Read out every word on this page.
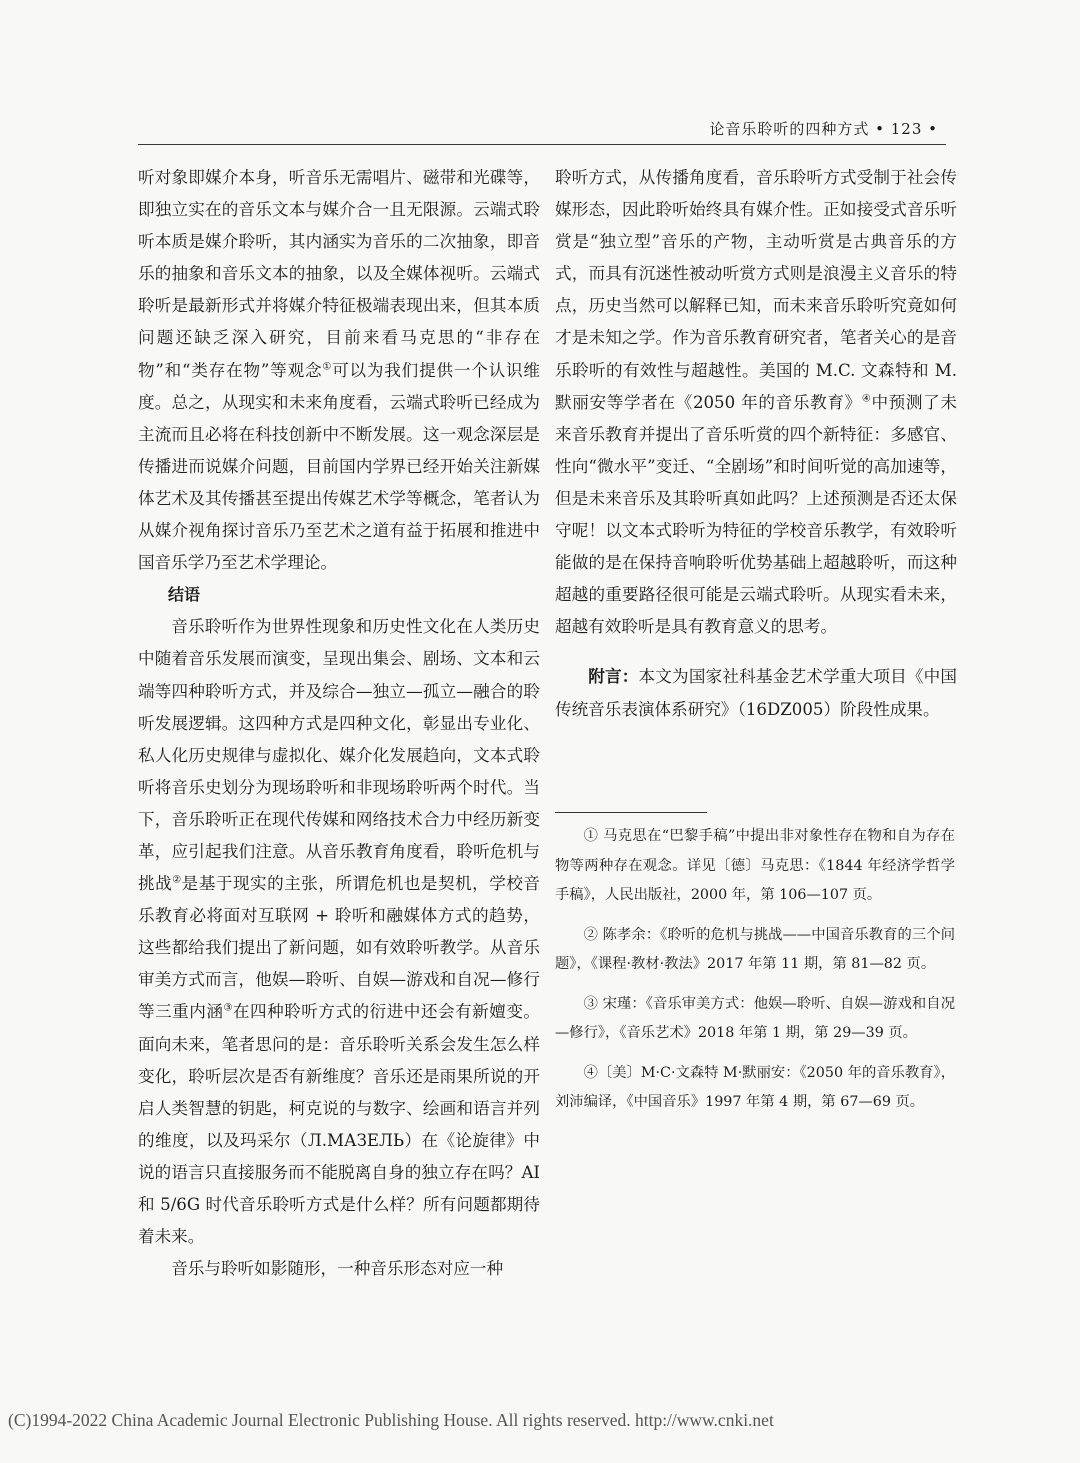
论音乐聆听的四种方式 • 123 •

听对象即媒介本身，听音乐无需唱片、磁带和光碟等，即独立实在的音乐文本与媒介合一且无限源。云端式聆听本质是媒介聆听，其内涵实为音乐的二次抽象，即音乐的抽象和音乐文本的抽象，以及全媒体视听。云端式聆听是最新形式并将媒介特征极端表现出来，但其本质问题还缺乏深入研究，目前来看马克思的“非存在物”和“类存在物”等观念①可以为我们提供一个认识维度。总之，从现实和未来角度看，云端式聆听已经成为主流而且必将在科技创新中不断发展。这一观念深层是传播进而说媒介问题，目前国内学界已经开始关注新媒体艺术及其传播甚至提出传媒艺术学等概念，笔者认为从媒介视角探讨音乐乃至艺术之道有益于拓展和推进中国音乐学乃至艺术学理论。

结语

音乐聆听作为世界性现象和历史性文化在人类历史中随着音乐发展而演变，呈现出集会、剧场、文本和云端等四种聆听方式，并及综合—独立—孤立—融合的聆听发展逻辑。这四种方式是四种文化，彰显出专业化、私人化历史规律与虚拟化、媒介化发展趋向，文本式聆听将音乐史划分为现场聆听和非现场聆听两个时代。当下，音乐聆听正在现代传媒和网络技术合力中经历新变革，应引起我们注意。从音乐教育角度看，聆听危机与挑战②是基于现实的主张，所谓危机也是契机，学校音乐教育必将面对互联网 + 聆听和融媒体方式的趋势，这些都给我们提出了新问题，如有效聆听教学。从音乐审美方式而言，他娱—聆听、自娱—游戏和自况—修行等三重内涵③在四种聆听方式的衍进中还会有新嬗变。面向未来，笔者思问的是：音乐聆听关系会发生怎么样变化，聆听层次是否有新维度？音乐还是雨果所说的开启人类智慧的钥匙，柯克说的与数字、绘画和语言并列的维度，以及玛采尔（Л.МАЗЕЛЬ）在《论旋律》中说的语言只直接服务而不能脱离自身的独立存在吗？AI 和 5/6G 时代音乐聆听方式是什么样？所有问题都期待着未来。

音乐与聆听如影随形，一种音乐形态对应一种

聆听方式，从传播角度看，音乐聆听方式受制于社会传媒形态，因此聆听始终具有媒介性。正如接受式音乐听赏是“独立型”音乐的产物，主动听赏是古典音乐的方式，而具有沉迷性被动听赏方式则是浪漫主义音乐的特点，历史当然可以解释已知，而未来音乐聆听究竟如何才是未知之学。作为音乐教育研究者，笔者关心的是音乐聆听的有效性与超越性。美国的 M.C. 文森特和 M. 默丽安等学者在《2050 年的音乐教育》④中预测了未来音乐教育并提出了音乐听赏的四个新特征：多感官、性向“微水平”变迁、“全剧场”和时间听觉的高加速等，但是未来音乐及其聆听真如此吗？上述预测是否还太保守呢！以文本式聆听为特征的学校音乐教学，有效聆听能做的是在保持音响聆听优势基础上超越聆听，而这种超越的重要路径很可能是云端式聆听。从现实看未来，超越有效聆听是具有教育意义的思考。

附言：本文为国家社科基金艺术学重大项目《中国传统音乐表演体系研究》（16DZ005）阶段性成果。

① 马克思在“巴黎手稿”中提出非对象性存在物和自为存在物等两种存在观念。详见〔德〕马克思：《1844 年经济学哲学手稿》，人民出版社，2000 年，第 106—107 页。

② 陈孝余：《聆听的危机与挑战——中国音乐教育的三个问题》，《课程·教材·教法》2017 年第 11 期，第 81—82 页。

③ 宋瑾：《音乐审美方式：他娱—聆听、自娱—游戏和自况—修行》，《音乐艺术》2018 年第 1 期，第 29—39 页。

④〔美〕M·C·文森特 M·默丽安：《2050 年的音乐教育》，刘沛编译，《中国音乐》1997 年第 4 期，第 67—69 页。

(C)1994-2022 China Academic Journal Electronic Publishing House. All rights reserved. http://www.cnki.net
